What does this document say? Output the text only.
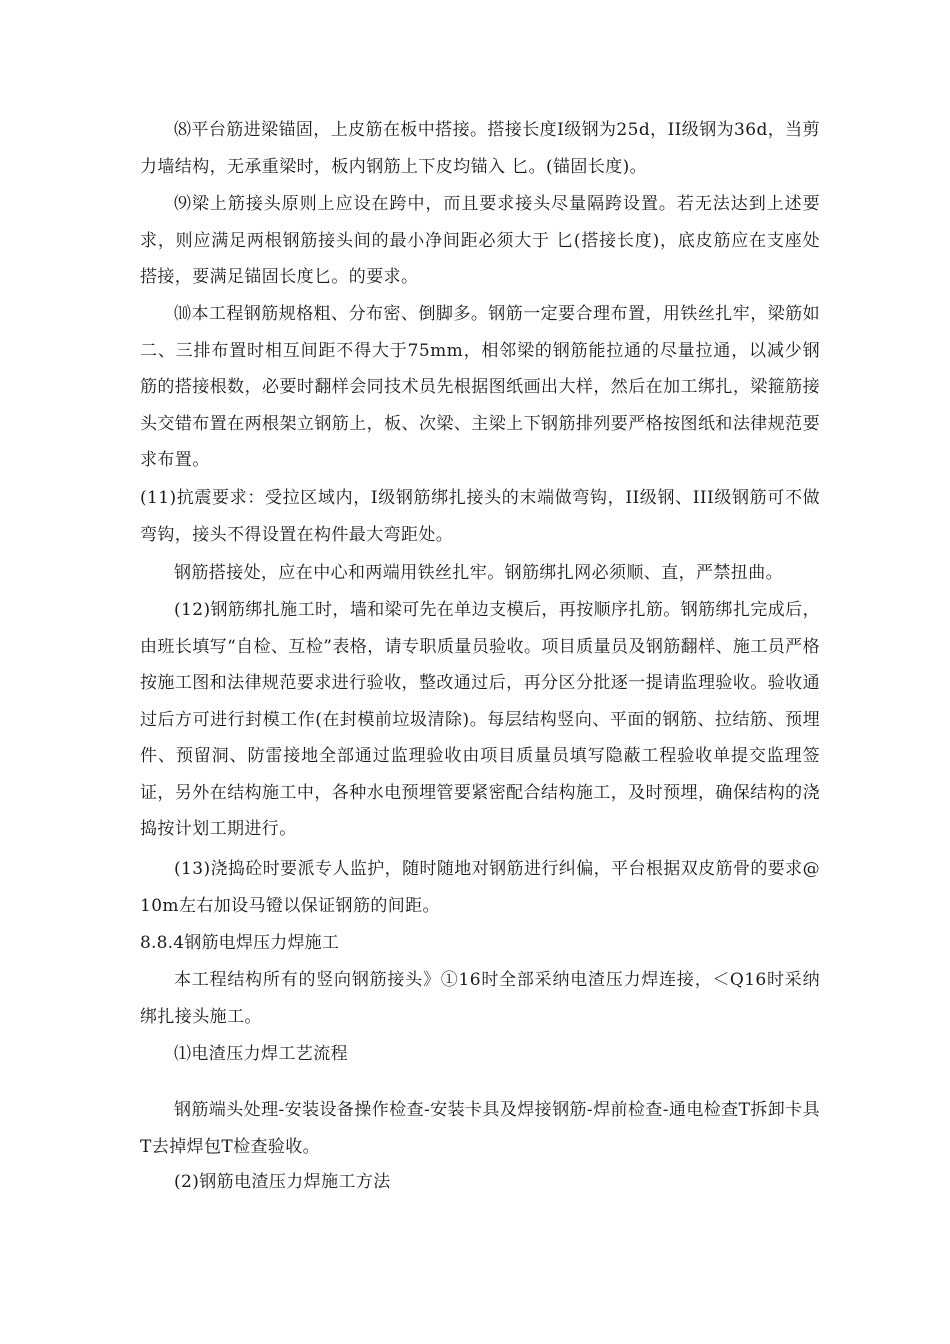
⑻平台筋进梁锚固，上皮筋在板中搭接。搭接长度Ⅰ级钢为25d，II级钢为36d，当剪力墙结构，无承重梁时，板内钢筋上下皮均锚入 匕。(锚固长度)。

⑼梁上筋接头原则上应设在跨中，而且要求接头尽量隔跨设置。若无法达到上述要求，则应满足两根钢筋接头间的最小净间距必须大于 匕(搭接长度)，底皮筋应在支座处搭接，要满足锚固长度匕。的要求。

⑽本工程钢筋规格粗、分布密、倒脚多。钢筋一定要合理布置，用铁丝扎牢，梁筋如二、三排布置时相互间距不得大于75mm，相邻梁的钢筋能拉通的尽量拉通，以减少钢筋的搭接根数，必要时翻样会同技术员先根据图纸画出大样，然后在加工绑扎，梁箍筋接头交错布置在两根架立钢筋上，板、次梁、主梁上下钢筋排列要严格按图纸和法律规范要求布置。

(11)抗震要求：受拉区域内，I级钢筋绑扎接头的末端做弯钩，II级钢、III级钢筋可不做弯钩，接头不得设置在构件最大弯距处。

钢筋搭接处，应在中心和两端用铁丝扎牢。钢筋绑扎网必须顺、直，严禁扭曲。

(12)钢筋绑扎施工时，墙和梁可先在单边支模后，再按顺序扎筋。钢筋绑扎完成后，由班长填写“自检、互检”表格，请专职质量员验收。项目质量员及钢筋翻样、施工员严格按施工图和法律规范要求进行验收，整改通过后，再分区分批逐一提请监理验收。验收通过后方可进行封模工作(在封模前垃圾清除)。每层结构竖向、平面的钢筋、拉结筋、预埋件、预留洞、防雷接地全部通过监理验收由项目质量员填写隐蔽工程验收单提交监理签证，另外在结构施工中，各种水电预埋管要紧密配合结构施工，及时预埋，确保结构的浇捣按计划工期进行。

(13)浇捣砼时要派专人监护，随时随地对钢筋进行纠偏，平台根据双皮筋骨的要求@10m左右加设马镫以保证钢筋的间距。

8.8.4钢筋电焊压力焊施工

本工程结构所有的竖向钢筋接头》①16时全部采纳电渣压力焊连接，＜Q16时采纳绑扎接头施工。

⑴电渣压力焊工艺流程

钢筋端头处理-安装设备操作检查-安装卡具及焊接钢筋-焊前检查-通电检查T拆卸卡具T去掉焊包T检查验收。

(2)钢筋电渣压力焊施工方法
